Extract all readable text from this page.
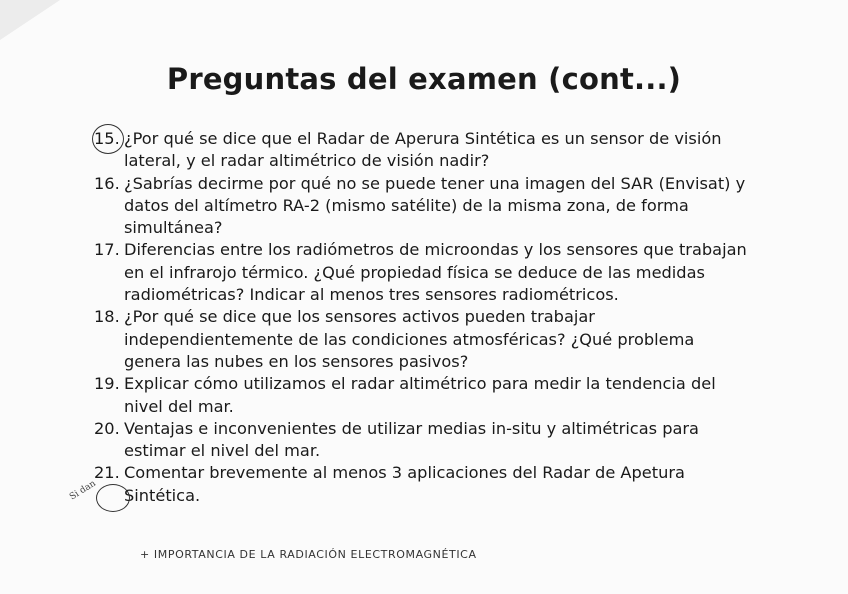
Preguntas del examen (cont...)
15. ¿Por qué se dice que el Radar de Aperura Sintética es un sensor de visión lateral, y el radar altimétrico de visión nadir?
16. ¿Sabrías decirme por qué no se puede tener una imagen del SAR (Envisat) y datos del altímetro RA-2 (mismo satélite) de la misma zona, de forma simultánea?
17. Diferencias entre los radiómetros de microondas y los sensores que trabajan en el infrarojo térmico. ¿Qué propiedad física se deduce de las medidas radiométricas? Indicar al menos tres sensores radiométricos.
18. ¿Por qué se dice que los sensores activos pueden trabajar independientemente de las condiciones atmosféricas? ¿Qué problema genera las nubes en los sensores pasivos?
19. Explicar cómo utilizamos el radar altimétrico para medir la tendencia del nivel del mar.
20. Ventajas e inconvenientes de utilizar medias in-situ y altimétricas para estimar el nivel del mar.
21. Comentar brevemente al menos 3 aplicaciones del Radar de Apetura Sintética.
Si dan
+ IMPORTANCIA DE LA RADIACIÓN ELECTROMAGNÉTICA
